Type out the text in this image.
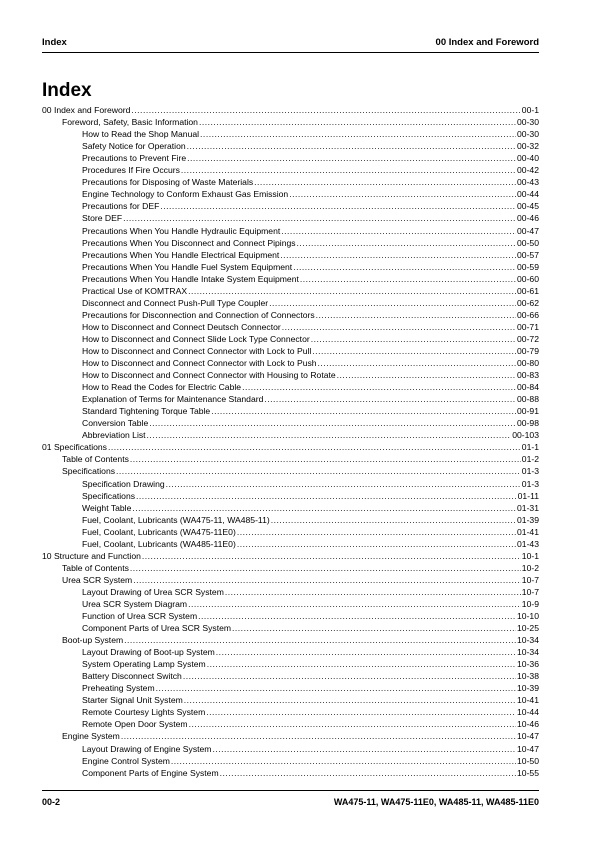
Index	00 Index and Foreword
Index
00 Index and Foreword .....	00-1
Foreword, Safety, Basic Information .....	00-30
How to Read the Shop Manual .....	00-30
Safety Notice for Operation .....	00-32
Precautions to Prevent Fire .....	00-40
Procedures If Fire Occurs .....	00-42
Precautions for Disposing of Waste Materials .....	00-43
Engine Technology to Conform Exhaust Gas Emission .....	00-44
Precautions for DEF .....	00-45
Store DEF .....	00-46
Precautions When You Handle Hydraulic Equipment .....	00-47
Precautions When You Disconnect and Connect Pipings .....	00-50
Precautions When You Handle Electrical Equipment .....	00-57
Precautions When You Handle Fuel System Equipment .....	00-59
Precautions When You Handle Intake System Equipment .....	00-60
Practical Use of KOMTRAX .....	00-61
Disconnect and Connect Push-Pull Type Coupler .....	00-62
Precautions for Disconnection and Connection of Connectors .....	00-66
How to Disconnect and Connect Deutsch Connector .....	00-71
How to Disconnect and Connect Slide Lock Type Connector .....	00-72
How to Disconnect and Connect Connector with Lock to Pull .....	00-79
How to Disconnect and Connect Connector with Lock to Push .....	00-80
How to Disconnect and Connect Connector with Housing to Rotate .....	00-83
How to Read the Codes for Electric Cable .....	00-84
Explanation of Terms for Maintenance Standard .....	00-88
Standard Tightening Torque Table .....	00-91
Conversion Table .....	00-98
Abbreviation List .....	00-103
01 Specifications .....	01-1
Table of Contents .....	01-2
Specifications .....	01-3
Specification Drawing .....	01-3
Specifications .....	01-11
Weight Table .....	01-31
Fuel, Coolant, Lubricants (WA475-11, WA485-11) .....	01-39
Fuel, Coolant, Lubricants (WA475-11E0) .....	01-41
Fuel, Coolant, Lubricants (WA485-11E0) .....	01-43
10 Structure and Function .....	10-1
Table of Contents .....	10-2
Urea SCR System .....	10-7
Layout Drawing of Urea SCR System .....	10-7
Urea SCR System Diagram .....	10-9
Function of Urea SCR System .....	10-10
Component Parts of Urea SCR System .....	10-25
Boot-up System .....	10-34
Layout Drawing of Boot-up System .....	10-34
System Operating Lamp System .....	10-36
Battery Disconnect Switch .....	10-38
Preheating System .....	10-39
Starter Signal Unit System .....	10-41
Remote Courtesy Lights System .....	10-44
Remote Open Door System .....	10-46
Engine System .....	10-47
Layout Drawing of Engine System .....	10-47
Engine Control System .....	10-50
Component Parts of Engine System .....	10-55
00-2	WA475-11, WA475-11E0, WA485-11, WA485-11E0
